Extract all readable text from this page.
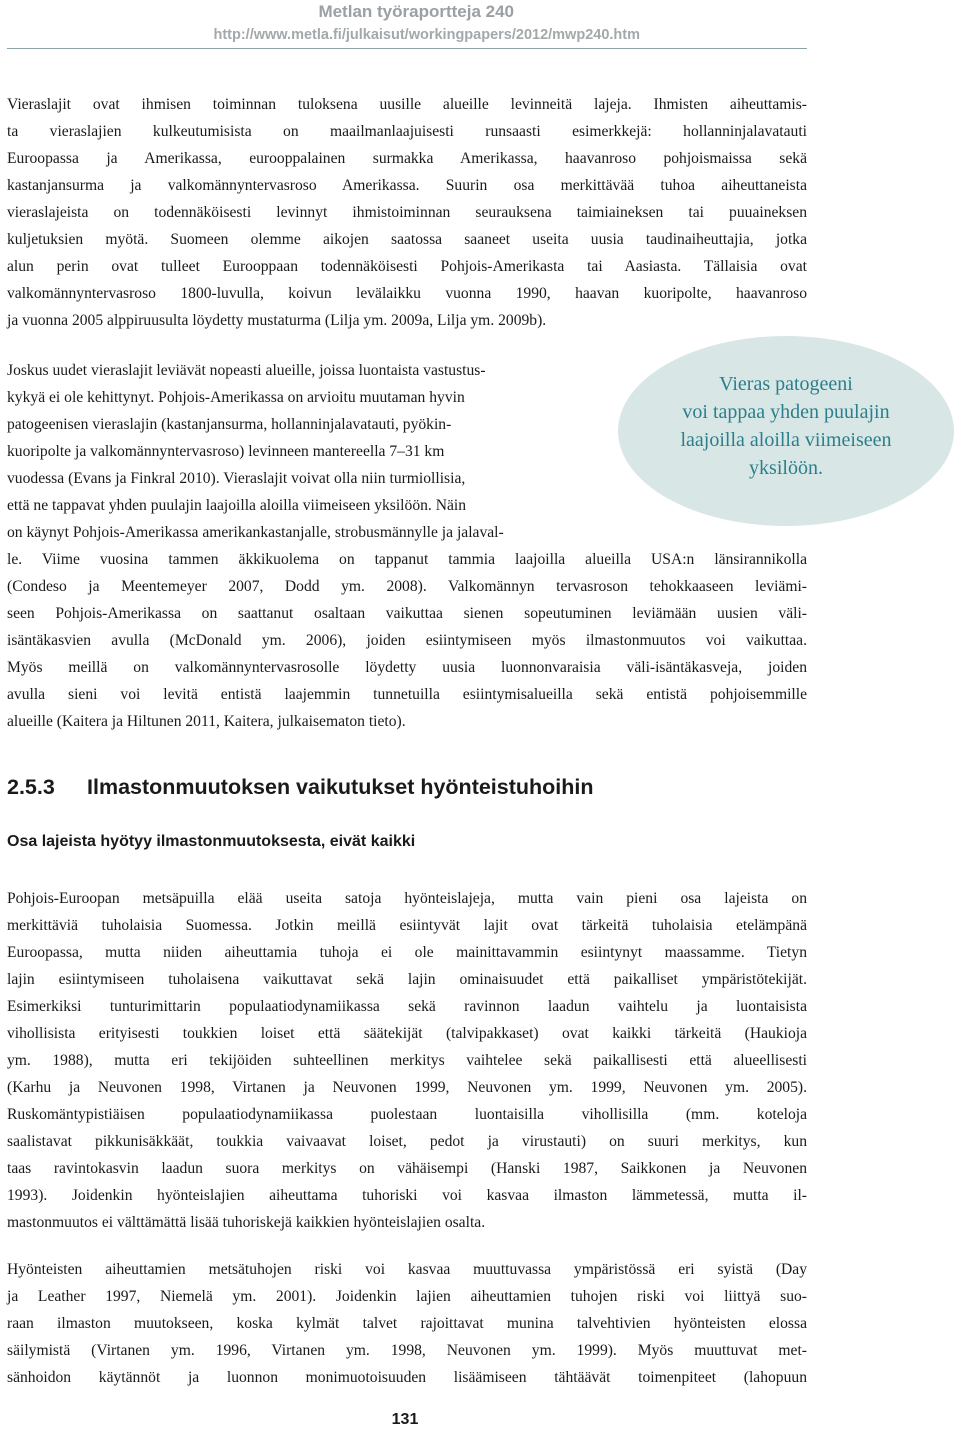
Metlan työraportteja 240
http://www.metla.fi/julkaisut/workingpapers/2012/mwp240.htm
Vieraslajit ovat ihmisen toiminnan tuloksena uusille alueille levinneitä lajeja. Ihmisten aiheuttamis-
ta vieraslajien kulkeutumisista on maailmanlaajuisesti runsaasti esimerkkejä: hollanninjalavatauti
Euroopassa ja Amerikassa, eurooppalainen surmakka Amerikassa, haavanroso pohjoismaissa sekä
kastanjansurma ja valkomännyntervasroso Amerikassa. Suurin osa merkittävää tuhoa aiheuttaneista
vieraslajeista on todennäköisesti levinnyt ihmistoiminnan seurauksena taimiaineksen tai puuaineksen
kuljetuksien myötä. Suomeen olemme aikojen saatossa saaneet useita uusia taudinaiheuttajia, jotka
alun perin ovat tulleet Eurooppaan todennäköisesti Pohjois-Amerikasta tai Aasiasta. Tällaisia ovat
valkomännyntervasroso 1800-luvulla, koivun levälaikku vuonna 1990, haavan kuoripolte, haavanroso
ja vuonna 2005 alppiruusulta löydetty mustaturma (Lilja ym. 2009a, Lilja ym. 2009b).
Vieras patogeeni
voi tappaa yhden puulajin
laajoilla aloilla viimeiseen
yksilöön.
Joskus uudet vieraslajit leviävät nopeasti alueille, joissa luontaista vastustus-
kykyä ei ole kehittynyt. Pohjois-Amerikassa on arvioitu muutaman hyvin
patogeenisen vieraslajin (kastanjansurma, hollanninjalavatauti, pyökin-
kuoripolte ja valkomännyntervasroso) levinneen mantereella 7–31 km
vuodessa (Evans ja Finkral 2010). Vieraslajit voivat olla niin turmiollisia,
että ne tappavat yhden puulajin laajoilla aloilla viimeiseen yksilöön. Näin
on käynyt Pohjois-Amerikassa amerikankastanjalle, strobusmännylle ja jalaval-
le. Viime vuosina tammen äkkikuolema on tappanut tammia laajoilla alueilla USA:n länsirannikolla
(Condeso ja Meentemeyer 2007, Dodd ym. 2008). Valkomännyn tervasroson tehokkaaseen leviämi-
seen Pohjois-Amerikassa on saattanut osaltaan vaikuttaa sienen sopeutuminen leviämään uusien väli-
isäntäkasvien avulla (McDonald ym. 2006), joiden esiintymiseen myös ilmastonmuutos voi vaikuttaa.
Myös meillä on valkomännyntervasrosolle löydetty uusia luonnonvaraisia väli-isäntäkasveja, joiden
avulla sieni voi levitä entistä laajemmin tunnetuilla esiintymisalueilla sekä entistä pohjoisemmille
alueille (Kaitera ja Hiltunen 2011, Kaitera, julkaisematon tieto).
2.5.3 Ilmastonmuutoksen vaikutukset hyönteistuhoihin
Osa lajeista hyötyy ilmastonmuutoksesta, eivät kaikki
Pohjois-Euroopan metsäpuilla elää useita satoja hyönteislajeja, mutta vain pieni osa lajeista on
merkittäviä tuholaisia Suomessa. Jotkin meillä esiintyvät lajit ovat tärkeitä tuholaisia etelämpänä
Euroopassa, mutta niiden aiheuttamia tuhoja ei ole mainittavammin esiintynyt maassamme. Tietyn
lajin esiintymiseen tuholaisena vaikuttavat sekä lajin ominaisuudet että paikalliset ympäristötekijät.
Esimerkiksi tunturimittarin populaatiodynamiikassa sekä ravinnon laadun vaihtelu ja luontaisista
vihollisista erityisesti toukkien loiset että säätekijät (talvipakkaset) ovat kaikki tärkeitä (Haukioja
ym. 1988), mutta eri tekijöiden suhteellinen merkitys vaihtelee sekä paikallisesti että alueellisesti
(Karhu ja Neuvonen 1998, Virtanen ja Neuvonen 1999, Neuvonen ym. 1999, Neuvonen ym. 2005).
Ruskomäntypistiäisen populaatiodynamiikassa puolestaan luontaisilla vihollisilla (mm. koteloja
saalistavat pikkunisäkkäät, toukkia vaivaavat loiset, pedot ja virustauti) on suuri merkitys, kun
taas ravintokasvin laadun suora merkitys on vähäisempi (Hanski 1987, Saikkonen ja Neuvonen
1993). Joidenkin hyönteislajien aiheuttama tuhoriski voi kasvaa ilmaston lämmetessä, mutta il-
mastonmuutos ei välttämättä lisää tuhoriskejä kaikkien hyönteislajien osalta.
Hyönteisten aiheuttamien metsätuhojen riski voi kasvaa muuttuvassa ympäristössä eri syistä (Day
ja Leather 1997, Niemelä ym. 2001). Joidenkin lajien aiheuttamien tuhojen riski voi liittyä suo-
raan ilmaston muutokseen, koska kylmät talvet rajoittavat munina talvehtivien hyönteisten elossa
säilymistä (Virtanen ym. 1996, Virtanen ym. 1998, Neuvonen ym. 1999). Myös muuttuvat met-
sänhoidon käytännöt ja luonnon monimuotoisuuden lisäämiseen tähtäävät toimenpiteet (lahopuun
131
